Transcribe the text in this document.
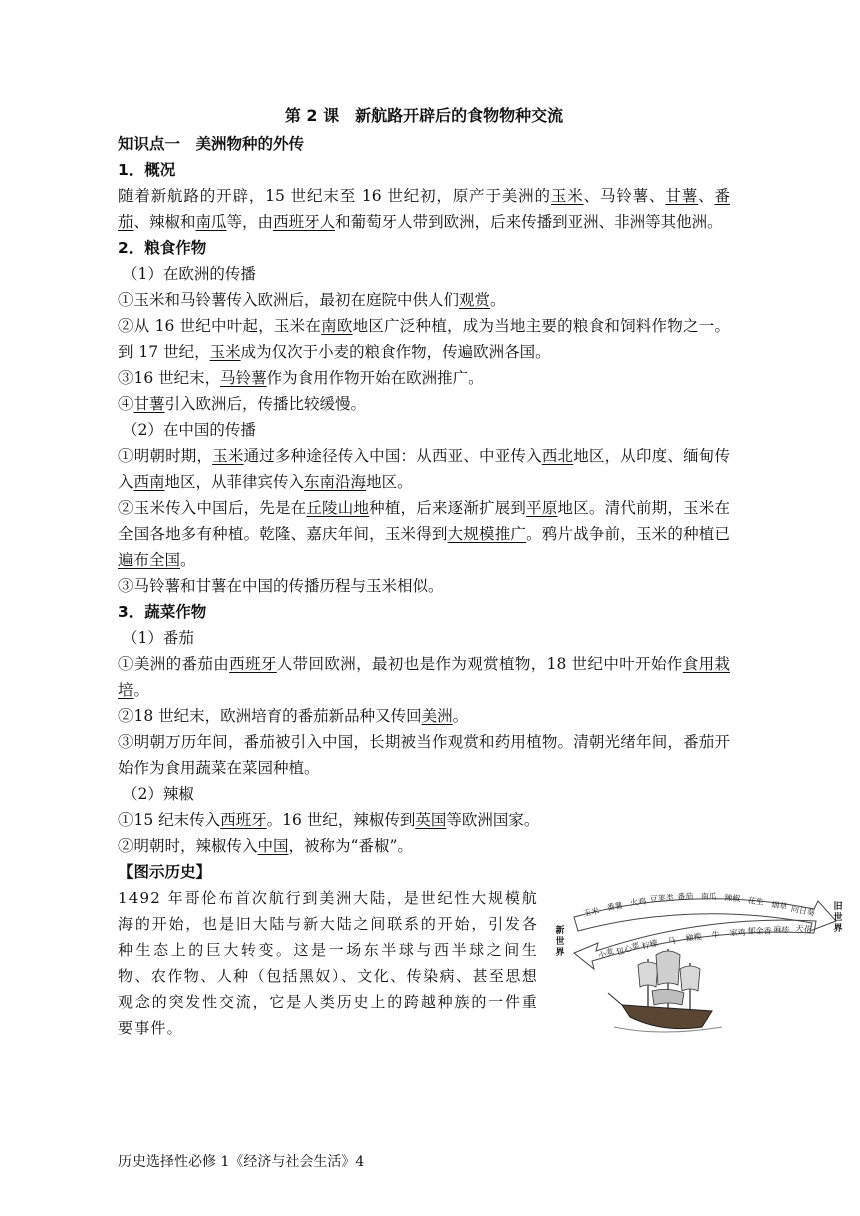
第 2 课　新航路开辟后的食物物种交流
知识点一　美洲物种的外传
1．概况

随着新航路的开辟，15 世纪末至 16 世纪初，原产于美洲的玉米、马铃薯、甘薯、番茄、辣椒和南瓜等，由西班牙人和葡萄牙人带到欧洲，后来传播到亚洲、非洲等其他洲。

2．粮食作物
（1）在欧洲的传播

①玉米和马铃薯传入欧洲后，最初在庭院中供人们观赏。

②从 16 世纪中叶起，玉米在南欧地区广泛种植，成为当地主要的粮食和饲料作物之一。到 17 世纪，玉米成为仅次于小麦的粮食作物，传遍欧洲各国。

③16 世纪末，马铃薯作为食用作物开始在欧洲推广。

④甘薯引入欧洲后，传播比较缓慢。

（2）在中国的传播

①明朝时期，玉米通过多种途径传入中国：从西亚、中亚传入西北地区，从印度、缅甸传入西南地区，从菲律宾传入东南沿海地区。

②玉米传入中国后，先是在丘陵山地种植，后来逐渐扩展到平原地区。清代前期，玉米在全国各地多有种植。乾隆、嘉庆年间，玉米得到大规模推广。鸦片战争前，玉米的种植已遍布全国。

③马铃薯和甘薯在中国的传播历程与玉米相似。

3．蔬菜作物
（1）番茄

①美洲的番茄由西班牙人带回欧洲，最初也是作为观赏植物，18 世纪中叶开始作食用栽培。

②18 世纪末，欧洲培育的番茄新品种又传回美洲。

③明朝万历年间，番茄被引入中国，长期被当作观赏和药用植物。清朝光绪年间，番茄开始作为食用蔬菜在菜园种植。

（2）辣椒

①15 纪末传入西班牙。16 世纪，辣椒传到英国等欧洲国家。

②明朝时，辣椒传入中国，被称为“番椒”。

【图示历史】
1492 年哥伦布首次航行到美洲大陆，是世纪性大规模航海的开始，也是旧大陆与新大陆之间联系的开始，引发各种生态上的巨大转变。这是一场东半球与西半球之间生物、农作物、人种（包括黑奴）、文化、传染病、甚至思想观念的突发性交流，它是人类历史上的跨越种族的一件重要事件。
玉米 番薯 火鸡 豆荚类 番茄 南瓜 辣椒 花生 烟草 向日葵
小麦 包心菜 柠檬 马 橄榄 牛 家鸡 郁金香 麻疹 天花
新世界
旧世界
历史选择性必修 1《经济与社会生活》4
